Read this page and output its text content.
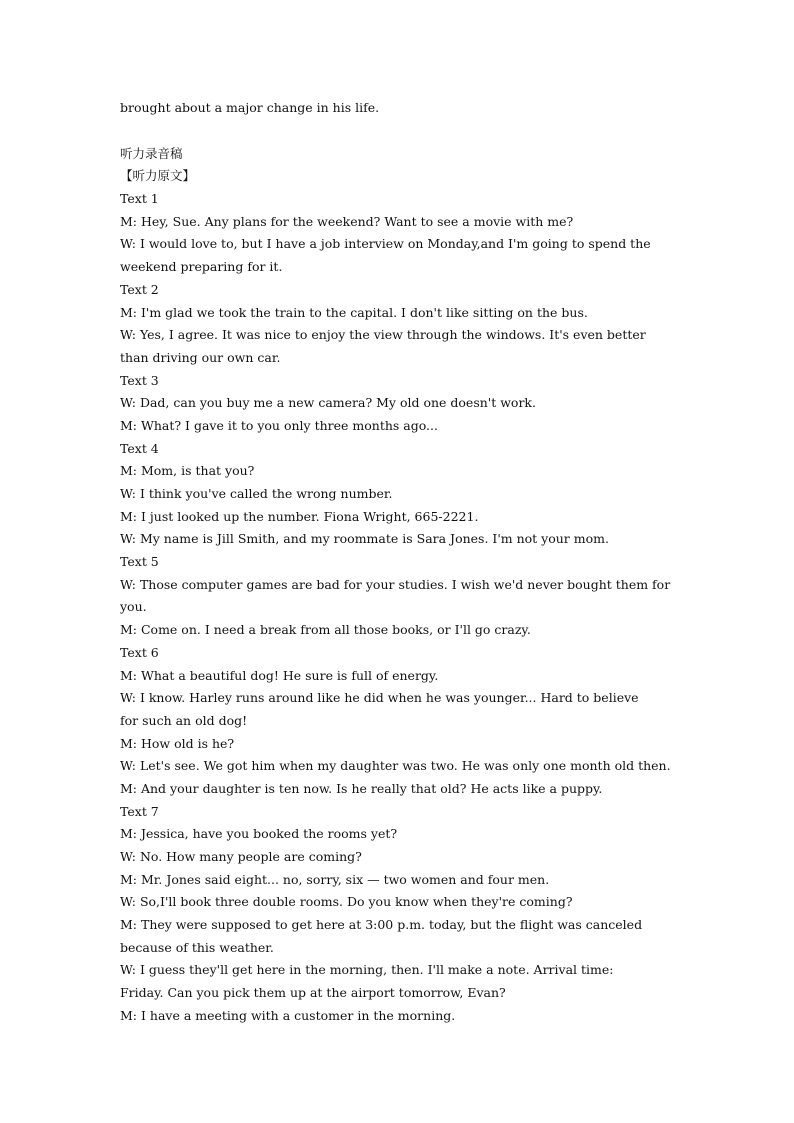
brought about a major change in his life.
听力录音稿
【听力原文】
Text 1
M: Hey, Sue. Any plans for the weekend? Want to see a movie with me?
W: I would love to, but I have a job interview on Monday,and I'm going to spend the
weekend preparing for it.
Text 2
M: I'm glad we took the train to the capital. I don't like sitting on the bus.
W: Yes, I agree. It was nice to enjoy the view through the windows. It's even better
than driving our own car.
Text 3
W: Dad, can you buy me a new camera? My old one doesn't work.
M: What? I gave it to you only three months ago...
Text 4
M: Mom, is that you?
W: I think you've called the wrong number.
M: I just looked up the number. Fiona Wright, 665-2221.
W: My name is Jill Smith, and my roommate is Sara Jones. I'm not your mom.
Text 5
W: Those computer games are bad for your studies. I wish we'd never bought them for
you.
M: Come on. I need a break from all those books, or I'll go crazy.
Text 6
M: What a beautiful dog! He sure is full of energy.
W: I know. Harley runs around like he did when he was younger... Hard to believe
for such an old dog!
M: How old is he?
W: Let's see. We got him when my daughter was two. He was only one month old then.
M: And your daughter is ten now. Is he really that old? He acts like a puppy.
Text 7
M: Jessica, have you booked the rooms yet?
W: No. How many people are coming?
M: Mr. Jones said eight... no, sorry, six — two women and four men.
W: So,I'll book three double rooms. Do you know when they're coming?
M: They were supposed to get here at 3:00 p.m. today, but the flight was canceled
because of this weather.
W: I guess they'll get here in the morning, then. I'll make a note. Arrival time:
Friday. Can you pick them up at the airport tomorrow, Evan?
M: I have a meeting with a customer in the morning.
